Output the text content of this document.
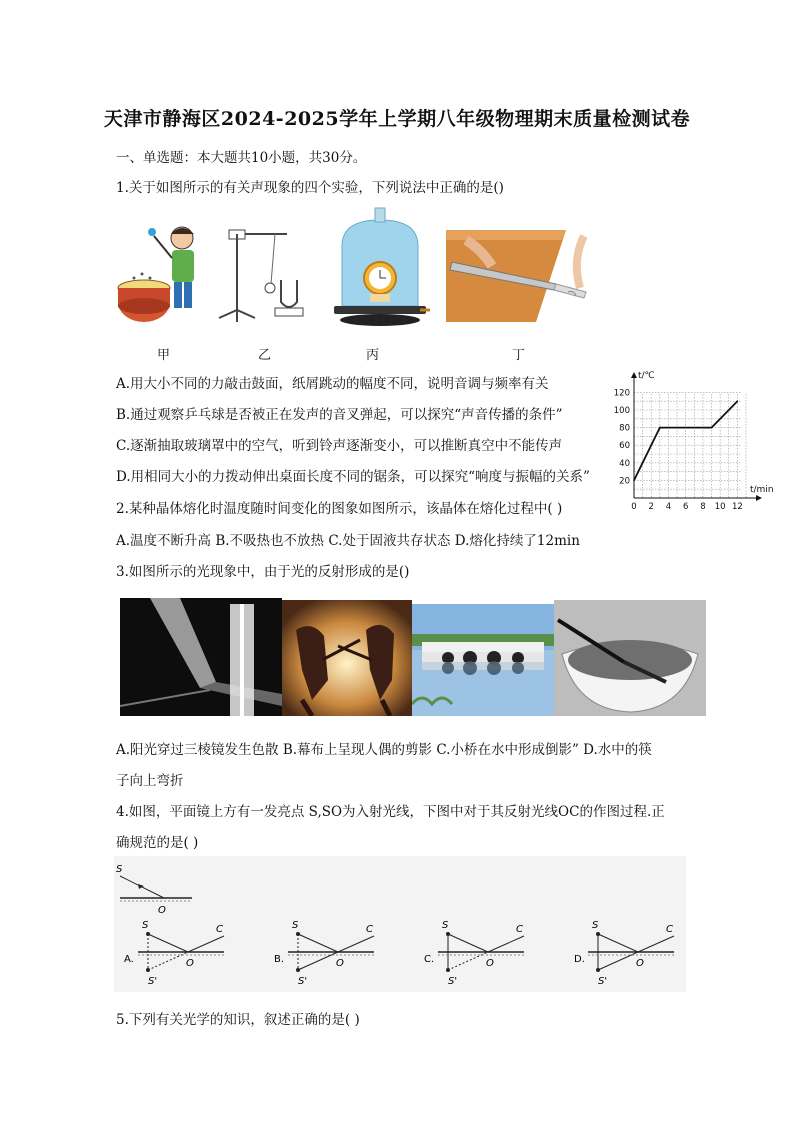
天津市静海区2024-2025学年上学期八年级物理期末质量检测试卷
一、单选题：本大题共10小题，共30分。
1.关于如图所示的有关声现象的四个实验，下列说法中正确的是()
甲	乙	丙	丁
A.用大小不同的力敲击鼓面，纸屑跳动的幅度不同，说明音调与频率有关
B.通过观察乒乓球是否被正在发声的音叉弹起，可以探究“声音传播的条件”
C.逐渐抽取玻璃罩中的空气，听到铃声逐渐变小，可以推断真空中不能传声
D.用相同大小的力拨动伸出桌面长度不同的锯条，可以探究“响度与振幅的关系”
0 2 4 6 8 10 12
20
40
60
80
100
120
t/℃
t/min
2.某种晶体熔化时温度随时间变化的图象如图所示，该晶体在熔化过程中( )
A.温度不断升高 B.不吸热也不放热 C.处于固液共存状态 D.熔化持续了12min
3.如图所示的光现象中，由于光的反射形成的是()
A.阳光穿过三棱镜发生色散 B.幕布上呈现人偶的剪影 C.小桥在水中形成倒影” D.水中的筷
子向上弯折
4.如图，平面镜上方有一发亮点 S,SO为入射光线，下图中对于其反射光线OC的作图过程.正
确规范的是( )
S
O
A.
S	C
S'
O	B.
S	C
S'
O	C.
S	C
S'
O	D.
S	C
S'
O
5.下列有关光学的知识，叙述正确的是( )
